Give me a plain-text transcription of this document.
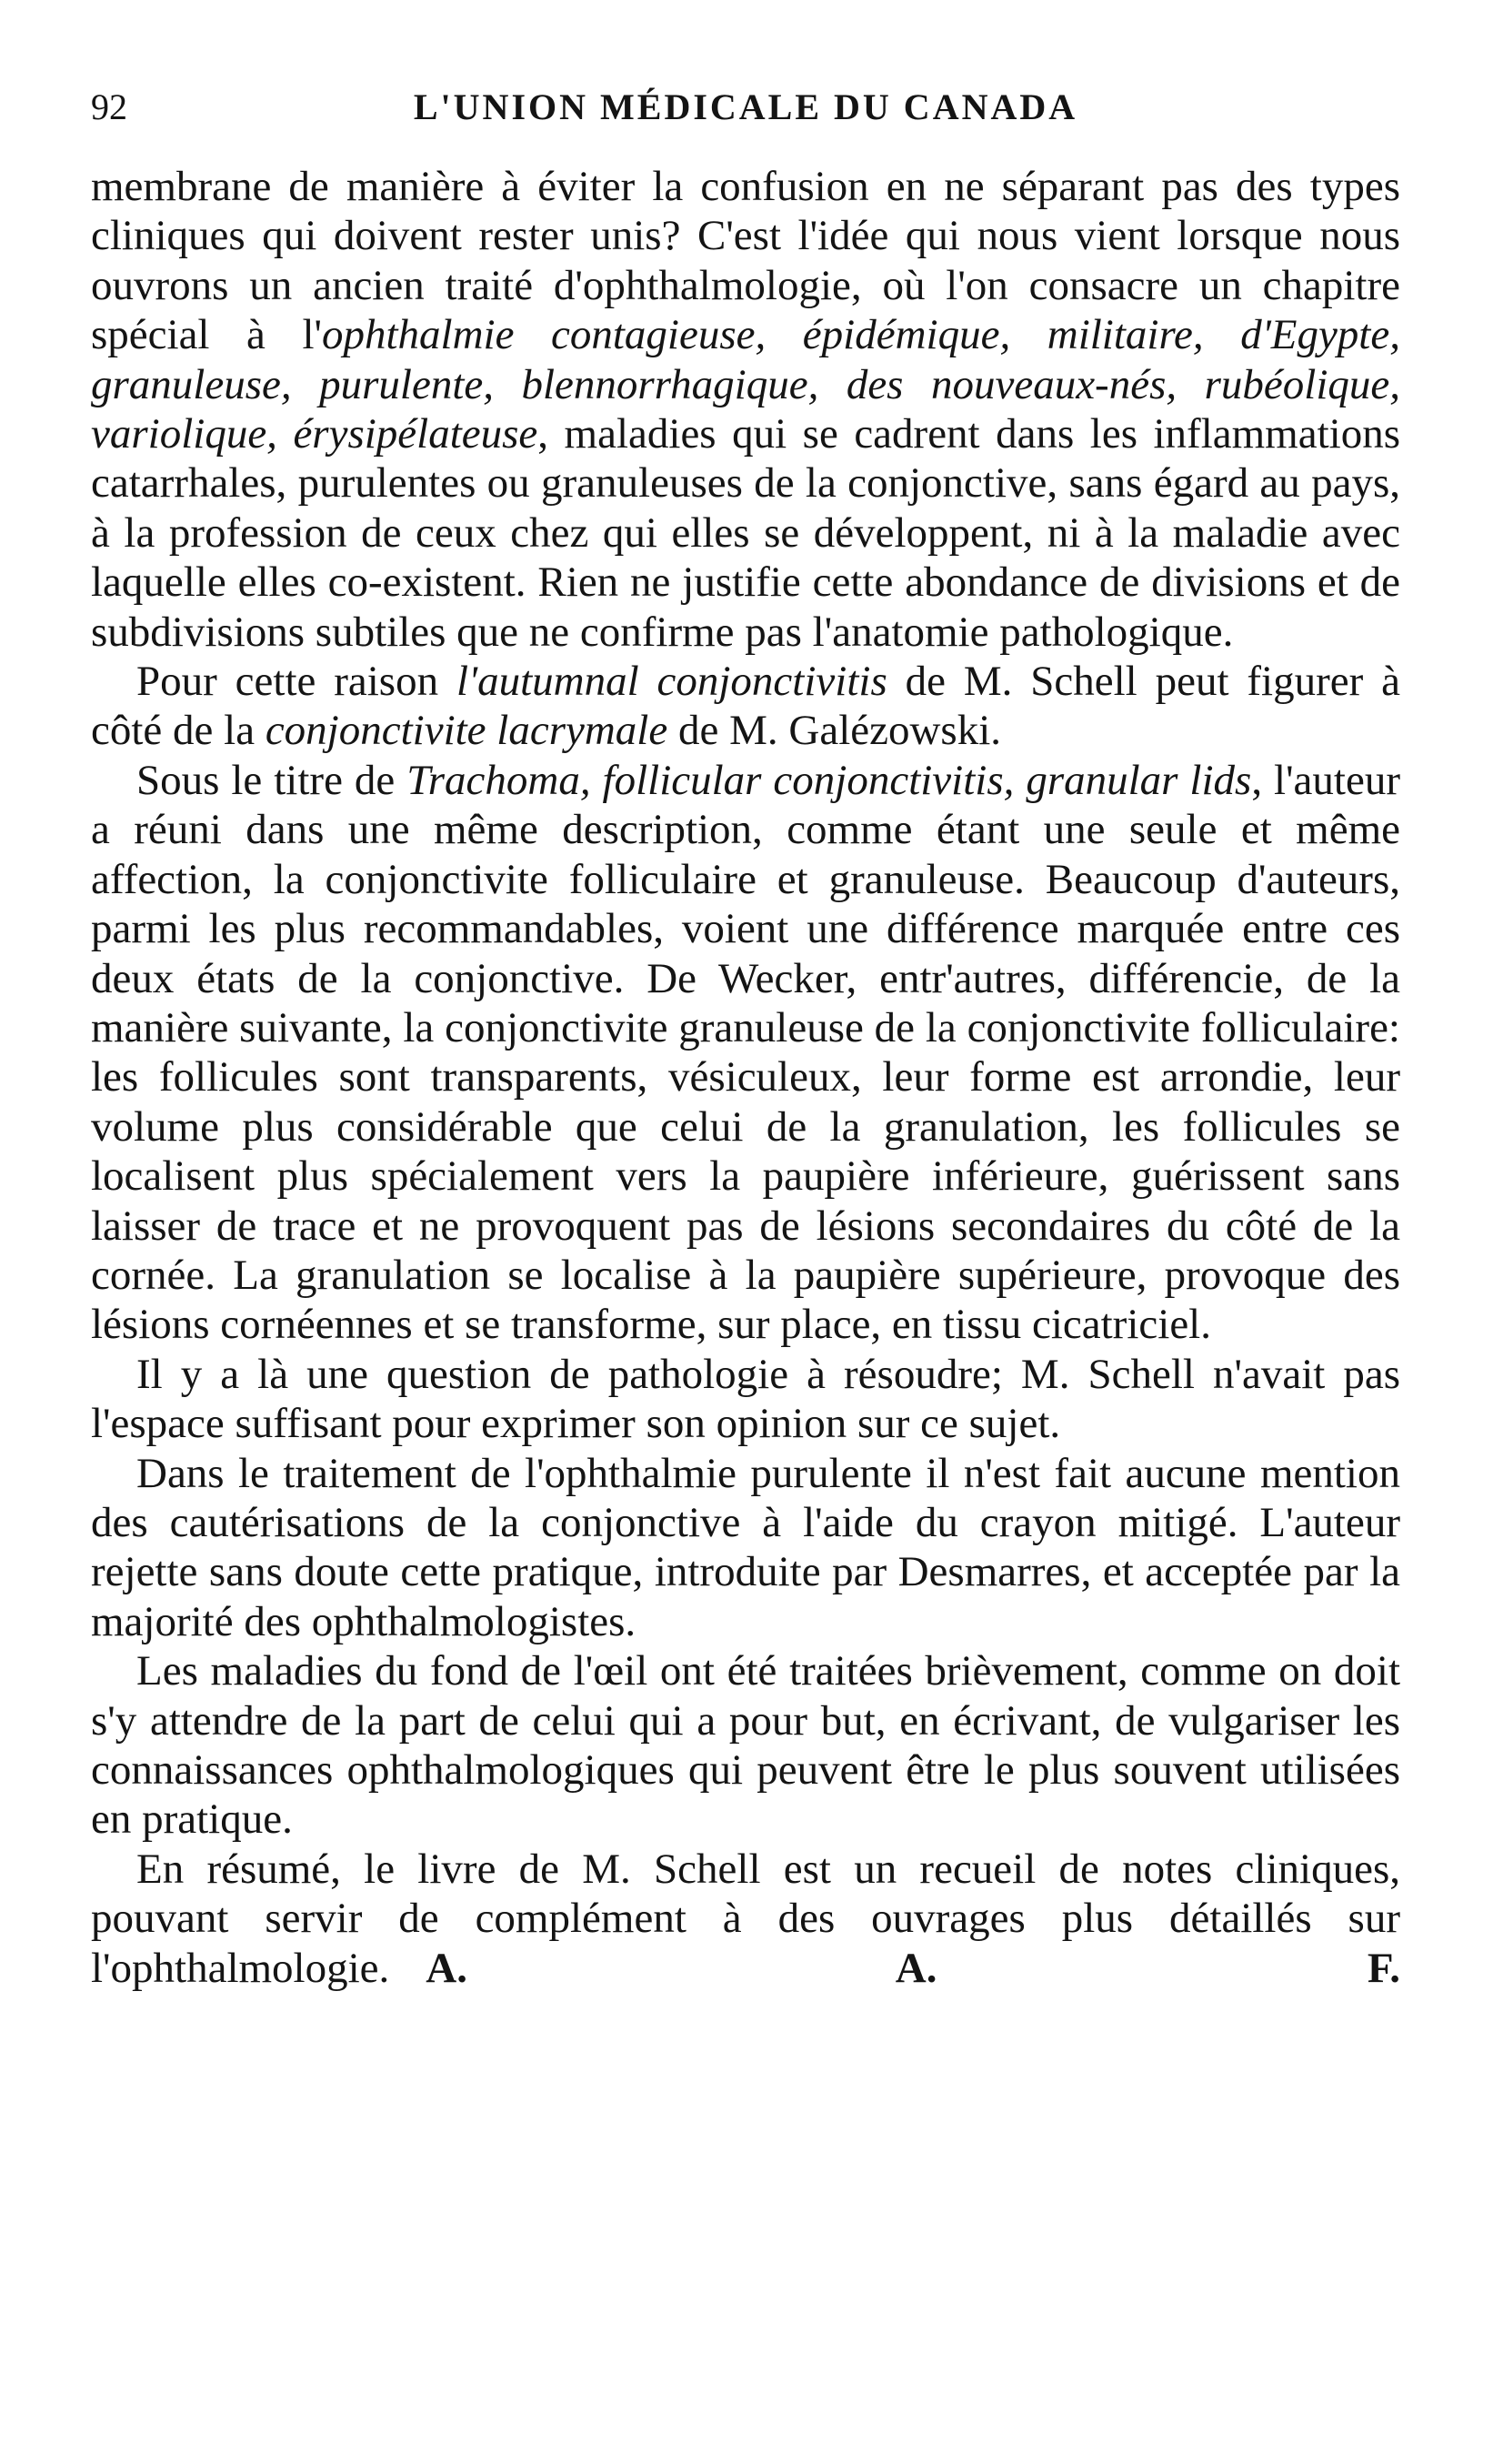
92	L'UNION MÉDICALE DU CANADA

membrane de manière à éviter la confusion en ne séparant pas des types cliniques qui doivent rester unis? C'est l'idée qui nous vient lorsque nous ouvrons un ancien traité d'ophthalmologie, où l'on consacre un chapitre spécial à l'ophthalmie contagieuse, épidémique, militaire, d'Egypte, granuleuse, purulente, blennorrhagique, des nouveaux-nés, rubéolique, variolique, érysipélateuse, maladies qui se cadrent dans les inflammations catarrhales, purulentes ou granuleuses de la conjonctive, sans égard au pays, à la profession de ceux chez qui elles se développent, ni à la maladie avec laquelle elles co-existent. Rien ne justifie cette abondance de divisions et de subdivisions subtiles que ne confirme pas l'anatomie pathologique.

Pour cette raison l'autumnal conjonctivitis de M. Schell peut figurer à côté de la conjonctivite lacrymale de M. Galézowski.

Sous le titre de Trachoma, follicular conjonctivitis, granular lids, l'auteur a réuni dans une même description, comme étant une seule et même affection, la conjonctivite folliculaire et granuleuse. Beaucoup d'auteurs, parmi les plus recommandables, voient une différence marquée entre ces deux états de la conjonctive. De Wecker, entr'autres, différencie, de la manière suivante, la conjonctivite granuleuse de la conjonctivite folliculaire: les follicules sont transparents, vésiculeux, leur forme est arrondie, leur volume plus considérable que celui de la granulation, les follicules se localisent plus spécialement vers la paupière inférieure, guérissent sans laisser de trace et ne provoquent pas de lésions secondaires du côté de la cornée. La granulation se localise à la paupière supérieure, provoque des lésions cornéennes et se transforme, sur place, en tissu cicatriciel.

Il y a là une question de pathologie à résoudre; M. Schell n'avait pas l'espace suffisant pour exprimer son opinion sur ce sujet.

Dans le traitement de l'ophthalmie purulente il n'est fait aucune mention des cautérisations de la conjonctive à l'aide du crayon mitigé. L'auteur rejette sans doute cette pratique, introduite par Desmarres, et acceptée par la majorité des ophthalmologistes.

Les maladies du fond de l'œil ont été traitées brièvement, comme on doit s'y attendre de la part de celui qui a pour but, en écrivant, de vulgariser les connaissances ophthalmologiques qui peuvent être le plus souvent utilisées en pratique.

En résumé, le livre de M. Schell est un recueil de notes cliniques, pouvant servir de complément à des ouvrages plus détaillés sur l'ophthalmologie. A. A. F.
